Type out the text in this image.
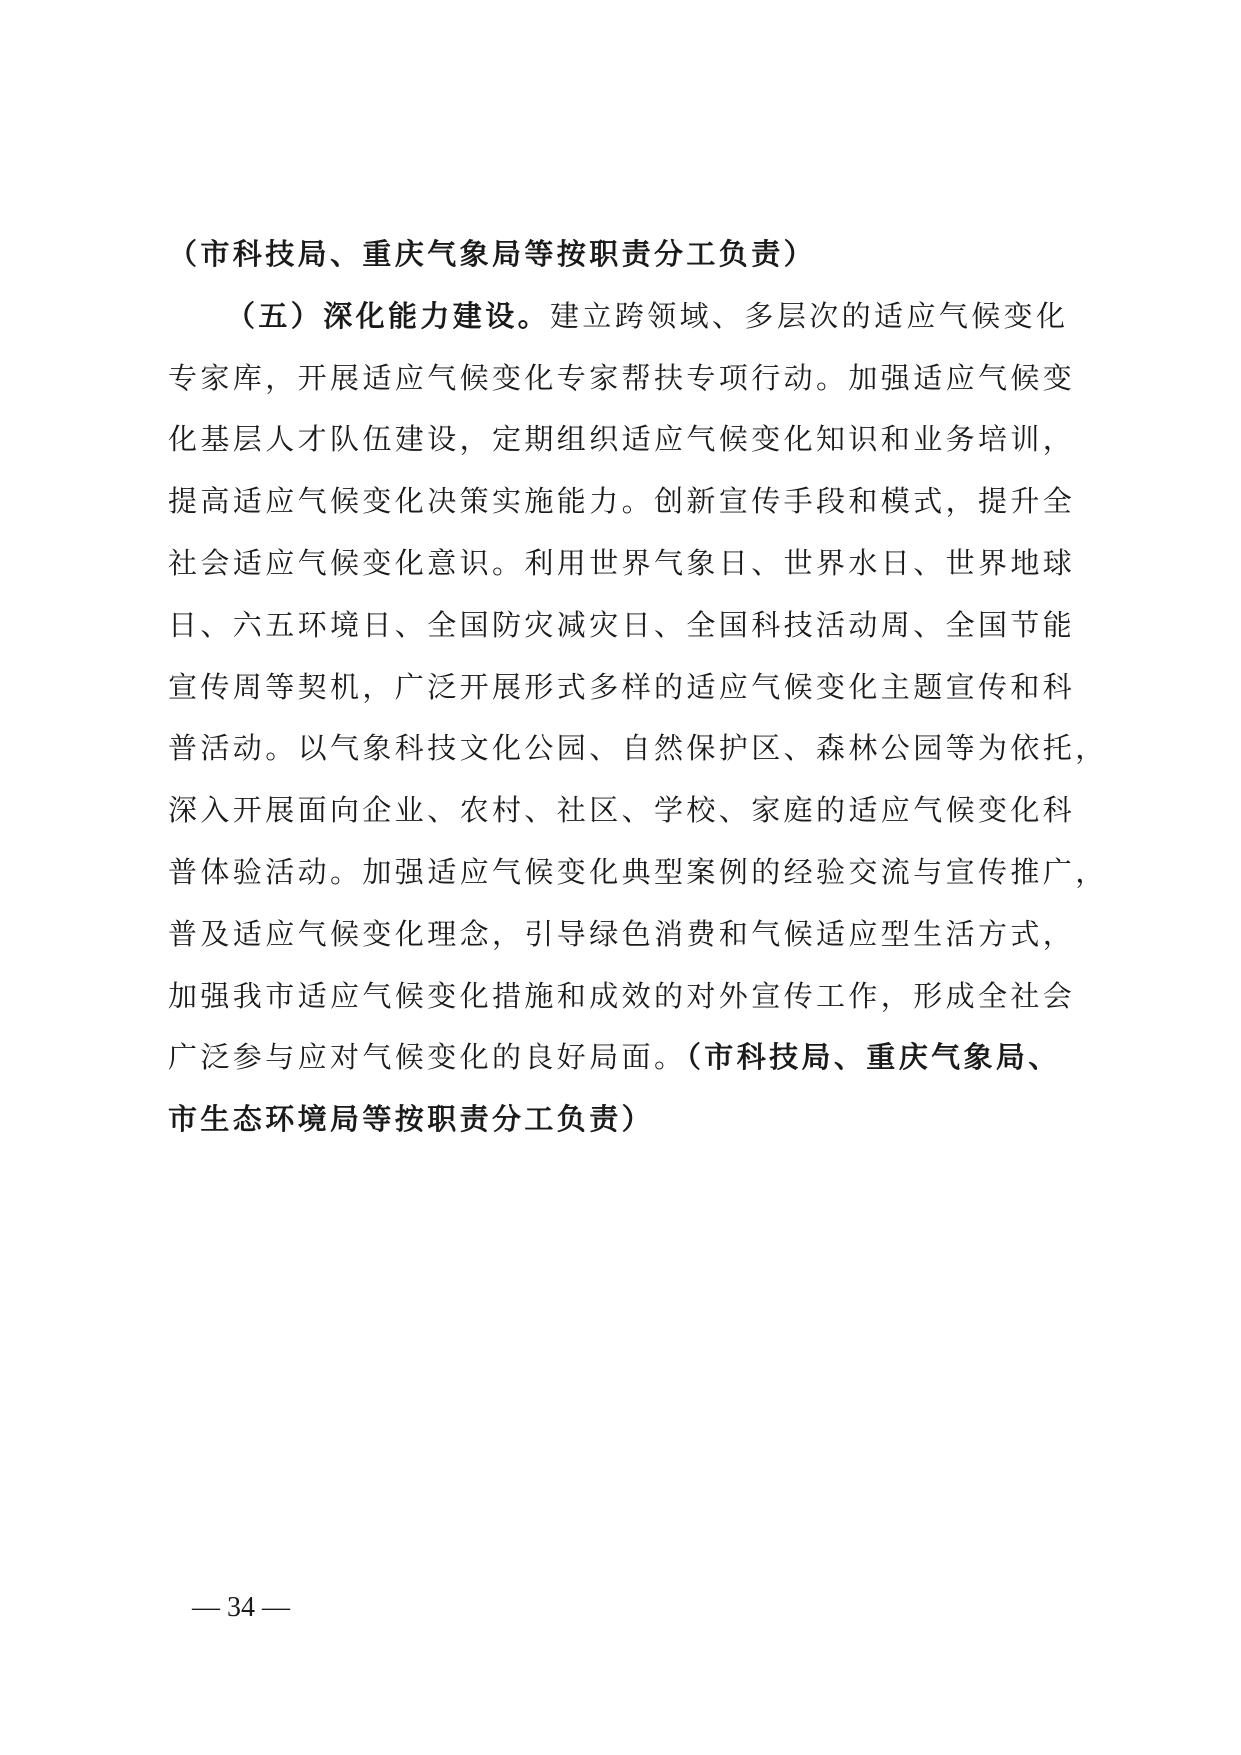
（市科技局、重庆气象局等按职责分工负责）
（五）深化能力建设。建立跨领域、多层次的适应气候变化
专家库，开展适应气候变化专家帮扶专项行动。加强适应气候变
化基层人才队伍建设，定期组织适应气候变化知识和业务培训，
提高适应气候变化决策实施能力。创新宣传手段和模式，提升全
社会适应气候变化意识。利用世界气象日、世界水日、世界地球
日、六五环境日、全国防灾减灾日、全国科技活动周、全国节能
宣传周等契机，广泛开展形式多样的适应气候变化主题宣传和科
普活动。以气象科技文化公园、自然保护区、森林公园等为依托，
深入开展面向企业、农村、社区、学校、家庭的适应气候变化科
普体验活动。加强适应气候变化典型案例的经验交流与宣传推广，
普及适应气候变化理念，引导绿色消费和气候适应型生活方式，
加强我市适应气候变化措施和成效的对外宣传工作，形成全社会
广泛参与应对气候变化的良好局面。（市科技局、重庆气象局、
市生态环境局等按职责分工负责）
— 34 —
